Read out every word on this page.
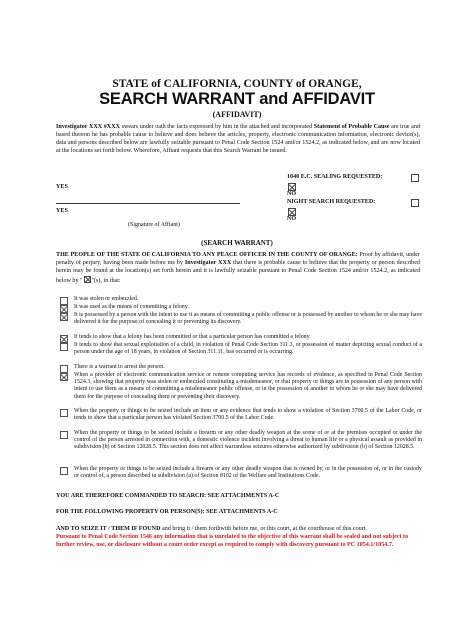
STATE of CALIFORNIA, COUNTY of ORANGE,
SEARCH WARRANT and AFFIDAVIT
(AFFIDAVIT)
Investigator XXX #XXX swears under oath the facts expressed by him in the attached and incorporated Statement of Probable Cause are true and based thereon he has probable cause to believe and does believe the articles, property, electronic communication information, electronic device(s), data and persons described below are lawfully seizable pursuant to Penal Code Section 1524 and/or 1524.2, as indicated below, and are now located at the locations set forth below. Wherefore, Affiant requests that this Search Warrant be issued.
1040 E.C. SEALING REQUESTED:
NO
NIGHT SEARCH REQUESTED:
NO
YES
YES
(Signature of Affiant)
(SEARCH WARRANT)
THE PEOPLE OF THE STATE OF CALIFORNIA TO ANY PEACE OFFICER IN THE COUNTY OF ORANGE: Proof by affidavit, under penalty of perjury, having been made before me by Investigator XXX that there is probable cause to believe that the property or person described herein may be found at the location(s) set forth herein and it is lawfully seizable pursuant to Penal Code Section 1524 and/or 1524.2, as indicated below by " "(s), in that:
It was stolen or embezzled.
It was used as the means of committing a felony.
It is possessed by a person with the intent to use it as means of committing a public offense or is possessed by another to whom he or she may have delivered it for the purpose of concealing it or preventing its discovery.
It tends to show that a felony has been committed or that a particular person has committed a felony.
It tends to show that sexual exploitation of a child, in violation of Penal Code Section 311.3, or possession of matter depicting sexual conduct of a person under the age of 18 years, in violation of Section 311.11, has occurred or is occurring.
There is a warrant to arrest the person.
When a provider of electronic communication service or remote computing service has records of evidence, as specified in Penal Code Section 1524.3, showing that property was stolen or embezzled constituting a misdemeanor, or that property or things are in possession of any person with intent to use them as a means of committing a misdemeanor public offense, or in the possession of another to whom he or she may have delivered them for the purpose of concealing them or preventing their discovery.
When the property or things to be seized include an item or any evidence that tends to show a violation of Section 3700.5 of the Labor Code, or tends to show that a particular person has violated Section 3700.5 of the Labor Code.
When the property or things to be seized include a firearm or any other deadly weapon at the scene of or at the premises occupied or under the control of the person arrested in connection with, a domestic violence incident involving a threat to human life or a physical assault as provided in subdivision (b) of Section 12028.5. This section does not affect warrantless seizures otherwise authorized by subdivision (b) of Section 12028.5.
When the property or things to be seized include a firearm or any other deadly weapon that is owned by, or in the possession of, or in the custody or control of, a person described in subdivision (a) of Section 8102 of the Welfare and Institutions Code.
YOU ARE THEREFORE COMMANDED TO SEARCH: SEE ATTACHMENTS A-C
FOR THE FOLLOWING PROPERTY OR PERSON(S): SEE ATTACHMENTS A-C
AND TO SEIZE IT / THEM IF FOUND and bring it / them forthwith before me, or this court, at the courthouse of this court.
Pursuant to Penal Code Section 1546 any information that is unrelated to the objective of this warrant shall be sealed and not subject to further review, use, or disclosure without a court order except as required to comply with discovery pursuant to PC 1054.1/1054.7.
